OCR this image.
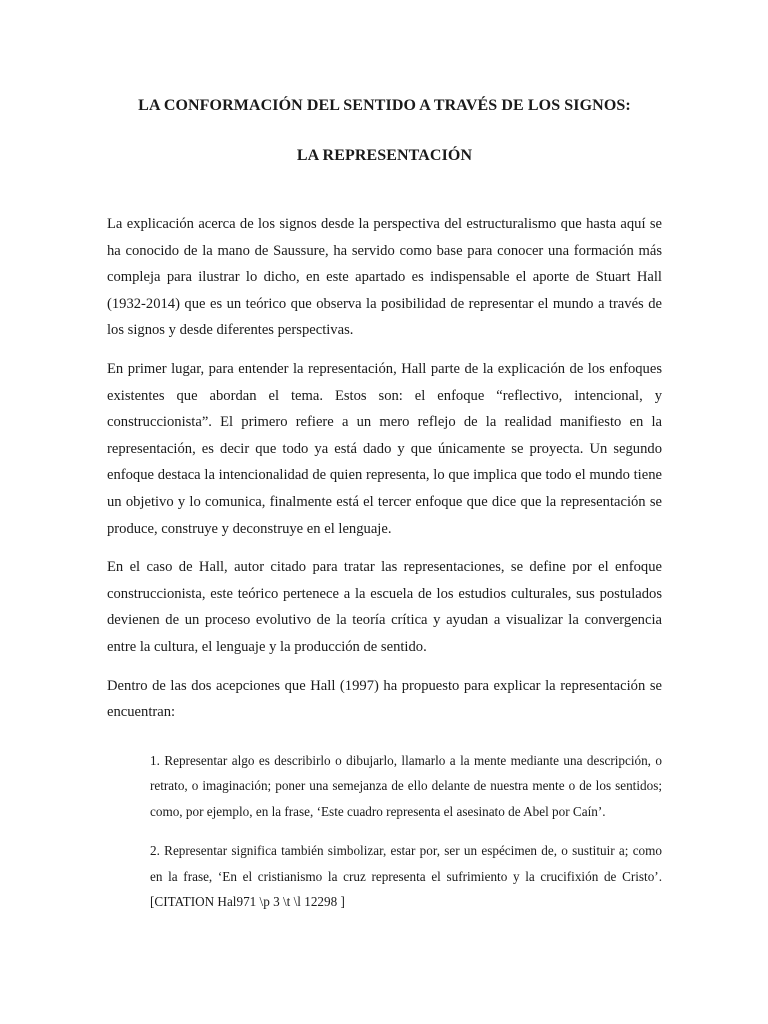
LA CONFORMACIÓN DEL SENTIDO A TRAVÉS DE LOS SIGNOS:
LA REPRESENTACIÓN

La explicación acerca de los signos desde la perspectiva del estructuralismo que hasta aquí se ha conocido de la mano de Saussure, ha servido como base para conocer una formación más compleja para ilustrar lo dicho, en este apartado es indispensable el aporte de Stuart Hall (1932-2014) que es un teórico que observa la posibilidad de representar el mundo a través de los signos y desde diferentes perspectivas.

En primer lugar, para entender la representación, Hall parte de la explicación de los enfoques existentes que abordan el tema. Estos son: el enfoque “reflectivo, intencional, y construccionista”. El primero refiere a un mero reflejo de la realidad manifiesto en la representación, es decir que todo ya está dado y que únicamente se proyecta. Un segundo enfoque destaca la intencionalidad de quien representa, lo que implica que todo el mundo tiene un objetivo y lo comunica, finalmente está el tercer enfoque que dice que la representación se produce, construye y deconstruye en el lenguaje.

En el caso de Hall, autor citado para tratar las representaciones, se define por el enfoque construccionista, este teórico pertenece a la escuela de los estudios culturales, sus postulados devienen de un proceso evolutivo de la teoría crítica y ayudan a visualizar la convergencia entre la cultura, el lenguaje y la producción de sentido.

Dentro de las dos acepciones que Hall (1997) ha propuesto para explicar la representación se encuentran:

1. Representar algo es describirlo o dibujarlo, llamarlo a la mente mediante una descripción, o retrato, o imaginación; poner una semejanza de ello delante de nuestra mente o de los sentidos; como, por ejemplo, en la frase, ‘Este cuadro representa el asesinato de Abel por Caín’.

2. Representar significa también simbolizar, estar por, ser un espécimen de, o sustituir a; como en la frase, ‘En el cristianismo la cruz representa el sufrimiento y la crucifixión de Cristo’.[CITATION Hal971 \p 3 \t \l 12298 ]
